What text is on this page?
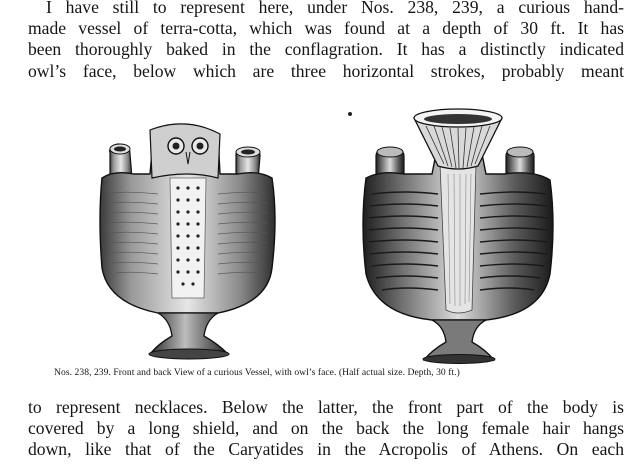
I have still to represent here, under Nos. 238, 239, a curious hand-
made vessel of terra-cotta, which was found at a depth of 30 ft. It has
been thoroughly baked in the conflagration. It has a distinctly indicated
owl’s face, below which are three horizontal strokes, probably meant
Nos. 238, 239. Front and back View of a curious Vessel, with owl’s face. (Half actual size. Depth, 30 ft.)
to represent necklaces. Below the latter, the front part of the body is
covered by a long shield, and on the back the long female hair hangs
down, like that of the Caryatides in the Acropolis of Athens. On each
